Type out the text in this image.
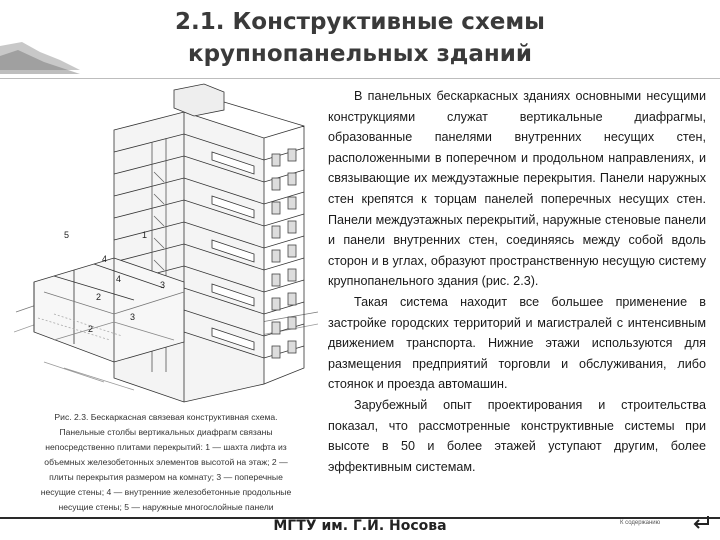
2.1. Конструктивные схемы
крупнопанельных зданий
1
2
2
3
3
4
4
5
Рис. 2.3. Бескаркасная связевая конструктивная схема.
Панельные столбы вертикальных диафрагм связаны
непосредственно плитами перекрытий: 1 — шахта лифта из
объемных железобетонных элементов высотой на этаж; 2 —
плиты перекрытия размером на комнату; 3 — поперечные
несущие стены; 4 — внутренние железобетонные продольные
несущие стены; 5 — наружные многослойные панели

В панельных бескаркасных зданиях основными несущими конструкциями служат вертикальные диафрагмы, образованные панелями внутренних несущих стен, расположенными в поперечном и продольном направлениях, и связывающие их междуэтажные перекрытия. Панели наружных стен крепятся к торцам панелей поперечных несущих стен. Панели междуэтажных перекрытий, наружные стеновые панели и панели внутренних стен, соединяясь между собой вдоль сторон и в углах, образуют пространственную несущую систему крупнопанельного здания (рис. 2.3).

Такая система находит все большее применение в застройке городских территорий и магистралей с интенсивным движением транспорта. Нижние этажи используются для размещения предприятий торговли и обслуживания, либо стоянок и проезда автомашин.

Зарубежный опыт проектирования и строительства показал, что рассмотренные конструктивные системы при высоте в 50 и более этажей уступают другим, более эффективным системам.

МГТУ им. Г.И. Носова	К содержанию
